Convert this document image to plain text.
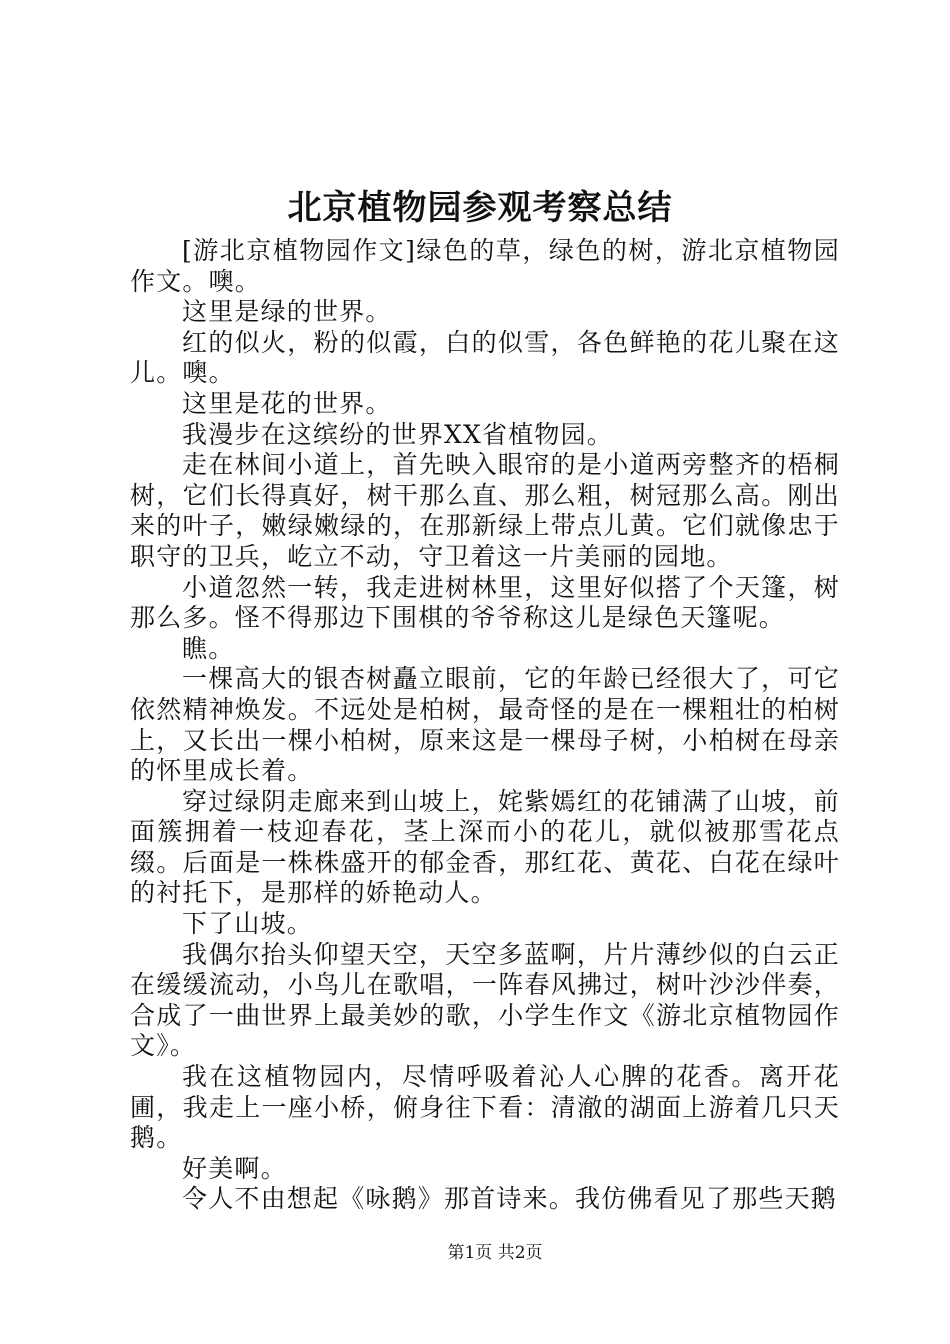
北京植物园参观考察总结

[游北京植物园作文]绿色的草，绿色的树，游北京植物园作文。噢。

这里是绿的世界。

红的似火，粉的似霞，白的似雪，各色鲜艳的花儿聚在这儿。噢。

这里是花的世界。

我漫步在这缤纷的世界XX省植物园。

走在林间小道上，首先映入眼帘的是小道两旁整齐的梧桐树，它们长得真好，树干那么直、那么粗，树冠那么高。刚出来的叶子，嫩绿嫩绿的，在那新绿上带点儿黄。它们就像忠于职守的卫兵，屹立不动，守卫着这一片美丽的园地。

小道忽然一转，我走进树林里，这里好似搭了个天篷，树那么多。怪不得那边下围棋的爷爷称这儿是绿色天篷呢。

瞧。

一棵高大的银杏树矗立眼前，它的年龄已经很大了，可它依然精神焕发。不远处是柏树，最奇怪的是在一棵粗壮的柏树上，又长出一棵小柏树，原来这是一棵母子树，小柏树在母亲的怀里成长着。

穿过绿阴走廊来到山坡上，姹紫嫣红的花铺满了山坡，前面簇拥着一枝迎春花，茎上深而小的花儿，就似被那雪花点缀。后面是一株株盛开的郁金香，那红花、黄花、白花在绿叶的衬托下，是那样的娇艳动人。

下了山坡。

我偶尔抬头仰望天空，天空多蓝啊，片片薄纱似的白云正在缓缓流动，小鸟儿在歌唱，一阵春风拂过，树叶沙沙伴奏，合成了一曲世界上最美妙的歌，小学生作文《游北京植物园作文》。

我在这植物园内，尽情呼吸着沁人心脾的花香。离开花圃，我走上一座小桥，俯身往下看：清澈的湖面上游着几只天鹅。

好美啊。

令人不由想起《咏鹅》那首诗来。我仿佛看见了那些天鹅

第1页 共2页
